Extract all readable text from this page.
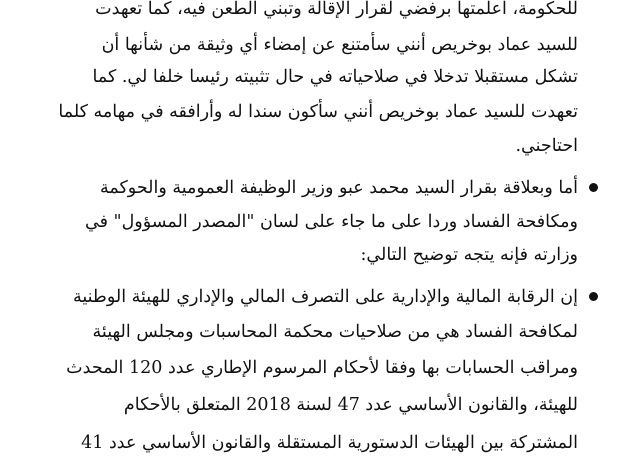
للحكومة، أعلمتها برفضي لقرار الإقالة وتبني الطعن فيه، كما تعهدت
للسيد عماد بوخريص أنني سأمتنع عن إمضاء أي وثيقة من شأنها أن
تشكل مستقبلا تدخلا في صلاحياته في حال تثبيته رئيسا خلفا لي. كما
تعهدت للسيد عماد بوخريص أنني سأكون سندا له وأرافقه في مهامه كلما
احتاجني.
أما وبعلاقة بقرار السيد محمد عبو وزير الوظيفة العمومية والحوكمة
ومكافحة الفساد وردا على ما جاء على لسان "المصدر المسؤول" في
وزارته فإنه يتجه توضيح التالي:
إن الرقابة المالية والإدارية على التصرف المالي والإداري للهيئة الوطنية
لمكافحة الفساد هي من صلاحيات محكمة المحاسبات ومجلس الهيئة
ومراقب الحسابات بها وفقا لأحكام المرسوم الإطاري عدد 120 المحدث
للهيئة، والقانون الأساسي عدد 47 لسنة 2018 المتعلق بالأحكام
المشتركة بين الهيئات الدستورية المستقلة والقانون الأساسي عدد 41
